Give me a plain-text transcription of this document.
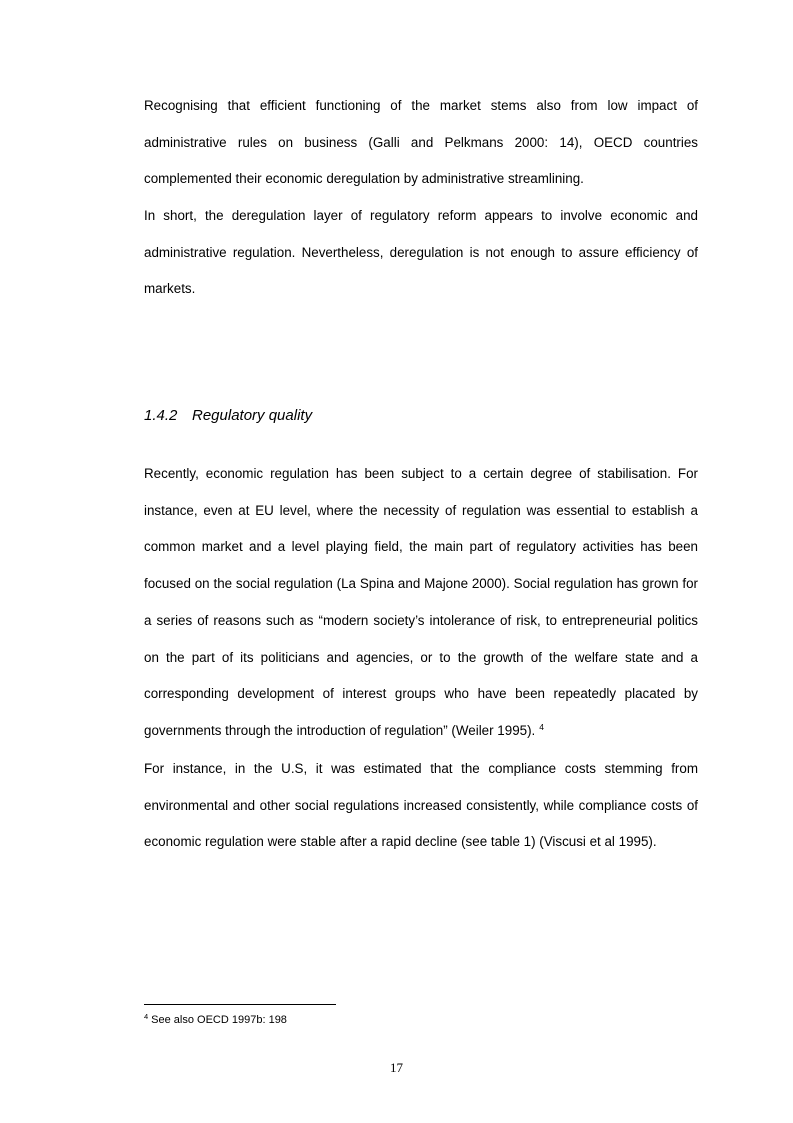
Recognising that efficient functioning of the market stems also from low impact of administrative rules on business (Galli and Pelkmans 2000: 14), OECD countries complemented their economic deregulation by administrative streamlining.

In short, the deregulation layer of regulatory reform appears to involve economic and administrative regulation. Nevertheless, deregulation is not enough to assure efficiency of markets.

1.4.2 Regulatory quality

Recently, economic regulation has been subject to a certain degree of stabilisation. For instance, even at EU level, where the necessity of regulation was essential to establish a common market and a level playing field, the main part of regulatory activities has been focused on the social regulation (La Spina and Majone 2000). Social regulation has grown for a series of reasons such as “modern society’s intolerance of risk, to entrepreneurial politics on the part of its politicians and agencies, or to the growth of the welfare state and a corresponding development of interest groups who have been repeatedly placated by governments through the introduction of regulation” (Weiler 1995). $^4$

For instance, in the U.S, it was estimated that the compliance costs stemming from environmental and other social regulations increased consistently, while compliance costs of economic regulation were stable after a rapid decline (see table 1) (Viscusi et al 1995).

$^4$ See also OECD 1997b: 198

17
